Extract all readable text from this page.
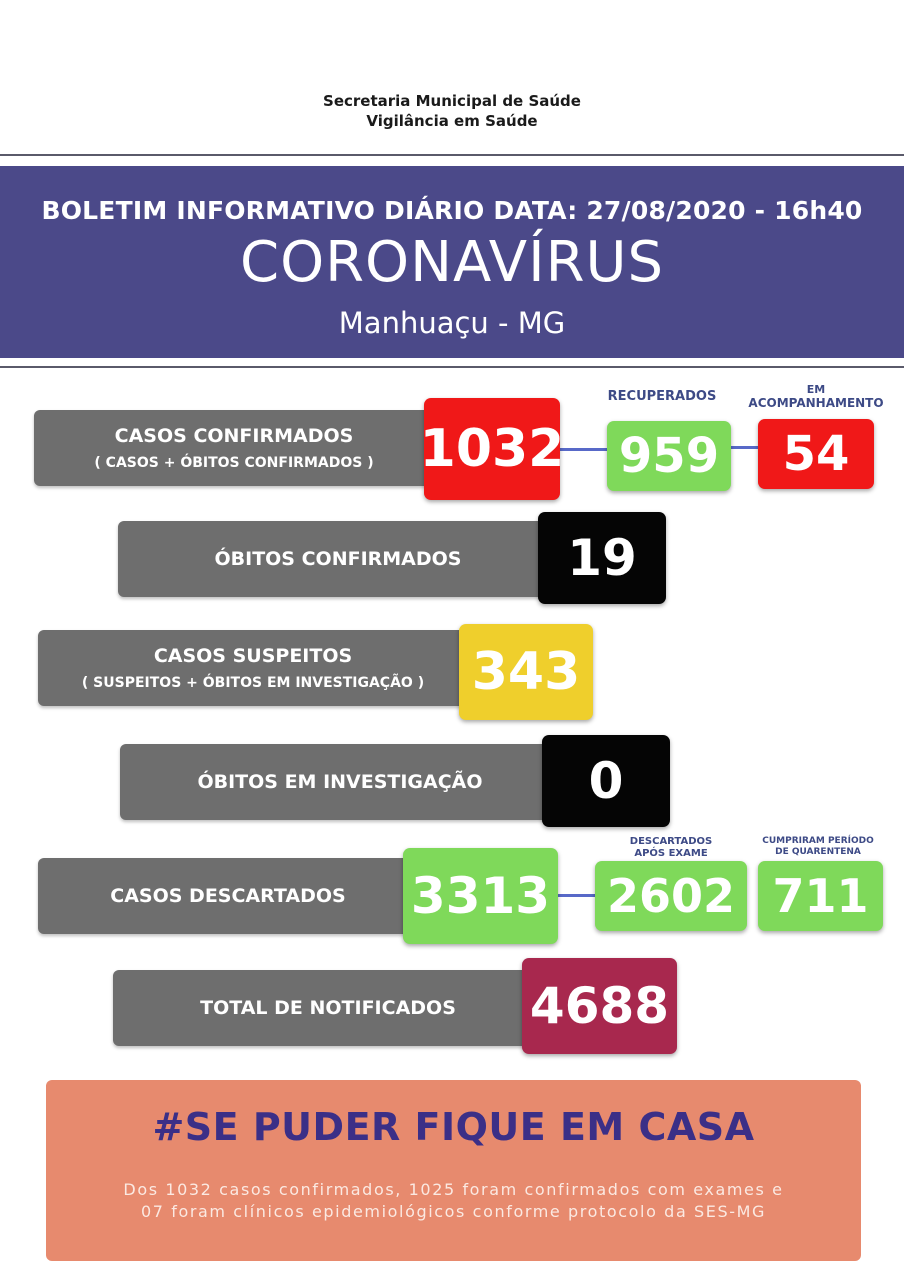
Secretaria Municipal de Saúde
Vigilância em Saúde
BOLETIM INFORMATIVO DIÁRIO DATA: 27/08/2020 - 16h40
CORONAVÍRUS
Manhuaçu - MG
CASOS CONFIRMADOS
( CASOS + ÓBITOS CONFIRMADOS ) 1032
RECUPERADOS
959
EM
ACOMPANHAMENTO
54
ÓBITOS CONFIRMADOS	19
CASOS SUSPEITOS
( SUSPEITOS + ÓBITOS EM INVESTIGAÇÃO ) 343
ÓBITOS EM INVESTIGAÇÃO	0
CASOS DESCARTADOS 3313
DESCARTADOS
APÓS EXAME
2602
CUMPRIRAM PERÍODO
DE QUARENTENA
711
TOTAL DE NOTIFICADOS 4688
#SE PUDER FIQUE EM CASA
Dos 1032 casos confirmados, 1025 foram confirmados com exames e
07 foram clínicos epidemiológicos conforme protocolo da SES-MG
